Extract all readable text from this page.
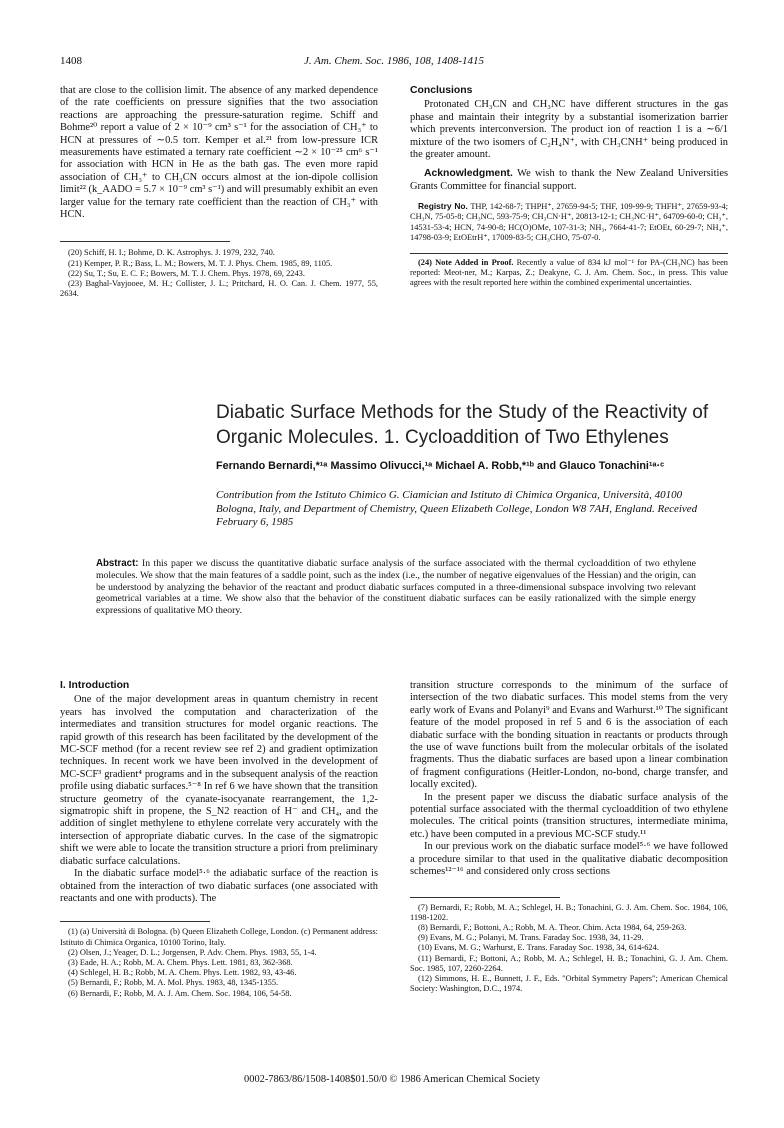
1408	J. Am. Chem. Soc. 1986, 108, 1408-1415

that are close to the collision limit. The absence of any marked dependence of the rate coefficients on pressure signifies that the two association reactions are approaching the pressure-saturation regime. Schiff and Bohme²⁰ report a value of 2 × 10⁻⁹ cm³ s⁻¹ for the association of CH₃⁺ to HCN at pressures of ∼0.5 torr. Kemper et al.²¹ from low-pressure ICR measurements have estimated a ternary rate coefficient ∼2 × 10⁻²⁵ cm⁶ s⁻¹ for association with HCN in He as the bath gas. The even more rapid association of CH₃⁺ to CH₃CN occurs almost at the ion-dipole collision limit²² (k_AADO = 5.7 × 10⁻⁹ cm³ s⁻¹) and will presumably exhibit an even larger value for the ternary rate coefficient than the reaction of CH₃⁺ with HCN.

(20) Schiff, H. I.; Bohme, D. K. Astrophys. J. 1979, 232, 740.

(21) Kemper, P. R.; Bass, L. M.; Bowers, M. T. J. Phys. Chem. 1985, 89, 1105.

(22) Su, T.; Su, E. C. F.; Bowers, M. T. J. Chem. Phys. 1978, 69, 2243.

(23) Baghal-Vayjooee, M. H.; Collister, J. L.; Pritchard, H. O. Can. J. Chem. 1977, 55, 2634.

Conclusions

Protonated CH₃CN and CH₃NC have different structures in the gas phase and maintain their integrity by a substantial isomerization barrier which prevents interconversion. The product ion of reaction 1 is a ∼6/1 mixture of the two isomers of C₂H₄N⁺, with CH₃CNH⁺ being produced in the greater amount.

Acknowledgment. We wish to thank the New Zealand Universities Grants Committee for financial support.

Registry No. THP, 142-68-7; THPH⁺, 27659-94-5; THF, 109-99-9; THFH⁺, 27659-93-4; CH₃N, 75-05-8; CH₃NC, 593-75-9; CH₃CN·H⁺, 20813-12-1; CH₃NC·H⁺, 64709-60-0; CH₃⁺, 14531-53-4; HCN, 74-90-8; HC(O)OMe, 107-31-3; NH₃, 7664-41-7; EtOEt, 60-29-7; NH₄⁺, 14798-03-9; EtOEtrH⁺, 17009-83-5; CH₃CHO, 75-07-0.

(24) Note Added in Proof. Recently a value of 834 kJ mol⁻¹ for PA-(CH₃NC) has been reported: Meot-ner, M.; Karpas, Z.; Deakyne, C. J. Am. Chem. Soc., in press. This value agrees with the result reported here within the combined experimental uncertainties.

Diabatic Surface Methods for the Study of the Reactivity of
Organic Molecules. 1. Cycloaddition of Two Ethylenes
Fernando Bernardi,*¹ᵃ Massimo Olivucci,¹ᵃ Michael A. Robb,*¹ᵇ and Glauco Tonachini¹ᵃ·ᶜ
Contribution from the Istituto Chimico G. Ciamician and Istituto di Chimica Organica, Università, 40100 Bologna, Italy, and Department of Chemistry, Queen Elizabeth College, London W8 7AH, England. Received February 6, 1985
Abstract: In this paper we discuss the quantitative diabatic surface analysis of the surface associated with the thermal cycloaddition of two ethylene molecules. We show that the main features of a saddle point, such as the index (i.e., the number of negative eigenvalues of the Hessian) and the origin, can be understood by analyzing the behavior of the reactant and product diabatic surfaces computed in a three-dimensional subspace involving two relevant geometrical variables at a time. We show also that the behavior of the constituent diabatic surfaces can be easily rationalized with the simple energy expressions of qualitative MO theory.
I. Introduction

One of the major development areas in quantum chemistry in recent years has involved the computation and characterization of the intermediates and transition structures for model organic reactions. The rapid growth of this research has been facilitated by the development of the MC-SCF method (for a recent review see ref 2) and gradient optimization techniques. In recent work we have been involved in the development of MC-SCF³ gradient⁴ programs and in the subsequent analysis of the reaction profile using diabatic surfaces.⁵⁻⁸ In ref 6 we have shown that the transition structure geometry of the cyanate-isocyanate rearrangement, the 1,2-sigmatropic shift in propene, the S_N2 reaction of H⁻ and CH₄, and the addition of singlet methylene to ethylene correlate very accurately with the intersection of appropriate diabatic curves. In the case of the sigmatropic shift we were able to locate the transition structure a priori from preliminary diabatic surface calculations.

In the diabatic surface model⁵·⁶ the adiabatic surface of the reaction is obtained from the interaction of two diabatic surfaces (one associated with reactants and one with products). The

(1) (a) Università di Bologna. (b) Queen Elizabeth College, London. (c) Permanent address: Istituto di Chimica Organica, 10100 Torino, Italy.

(2) Olsen, J.; Yeager, D. L.; Jorgensen, P. Adv. Chem. Phys. 1983, 55, 1-4.

(3) Eade, H. A.; Robb, M. A. Chem. Phys. Lett. 1981, 83, 362-368.

(4) Schlegel, H. B.; Robb, M. A. Chem. Phys. Lett. 1982, 93, 43-46.

(5) Bernardi, F.; Robb, M. A. Mol. Phys. 1983, 48, 1345-1355.

(6) Bernardi, F.; Robb, M. A. J. Am. Chem. Soc. 1984, 106, 54-58.

transition structure corresponds to the minimum of the surface of intersection of the two diabatic surfaces. This model stems from the very early work of Evans and Polanyi⁹ and Evans and Warhurst.¹⁰ The significant feature of the model proposed in ref 5 and 6 is the association of each diabatic surface with the bonding situation in reactants or products through the use of wave functions built from the molecular orbitals of the isolated fragments. Thus the diabatic surfaces are based upon a linear combination of fragment configurations (Heitler-London, no-bond, charge transfer, and locally excited).

In the present paper we discuss the diabatic surface analysis of the potential surface associated with the thermal cycloaddition of two ethylene molecules. The critical points (transition structures, intermediate minima, etc.) have been computed in a previous MC-SCF study.¹¹

In our previous work on the diabatic surface model⁵·⁶ we have followed a procedure similar to that used in the qualitative diabatic decomposition schemes¹²⁻¹⁶ and considered only cross sections

(7) Bernardi, F.; Robb, M. A.; Schlegel, H. B.; Tonachini, G. J. Am. Chem. Soc. 1984, 106, 1198-1202.

(8) Bernardi, F.; Bottoni, A.; Robb, M. A. Theor. Chim. Acta 1984, 64, 259-263.

(9) Evans, M. G.; Polanyi, M. Trans. Faraday Soc. 1938, 34, 11-29.

(10) Evans, M. G.; Warhurst, E. Trans. Faraday Soc. 1938, 34, 614-624.

(11) Bernardi, F.; Bottoni, A.; Robb, M. A.; Schlegel, H. B.; Tonachini, G. J. Am. Chem. Soc. 1985, 107, 2260-2264.

(12) Simmons, H. E., Bunnett, J. F., Eds. "Orbital Symmetry Papers"; American Chemical Society: Washington, D.C., 1974.

0002-7863/86/1508-1408$01.50/0 © 1986 American Chemical Society
